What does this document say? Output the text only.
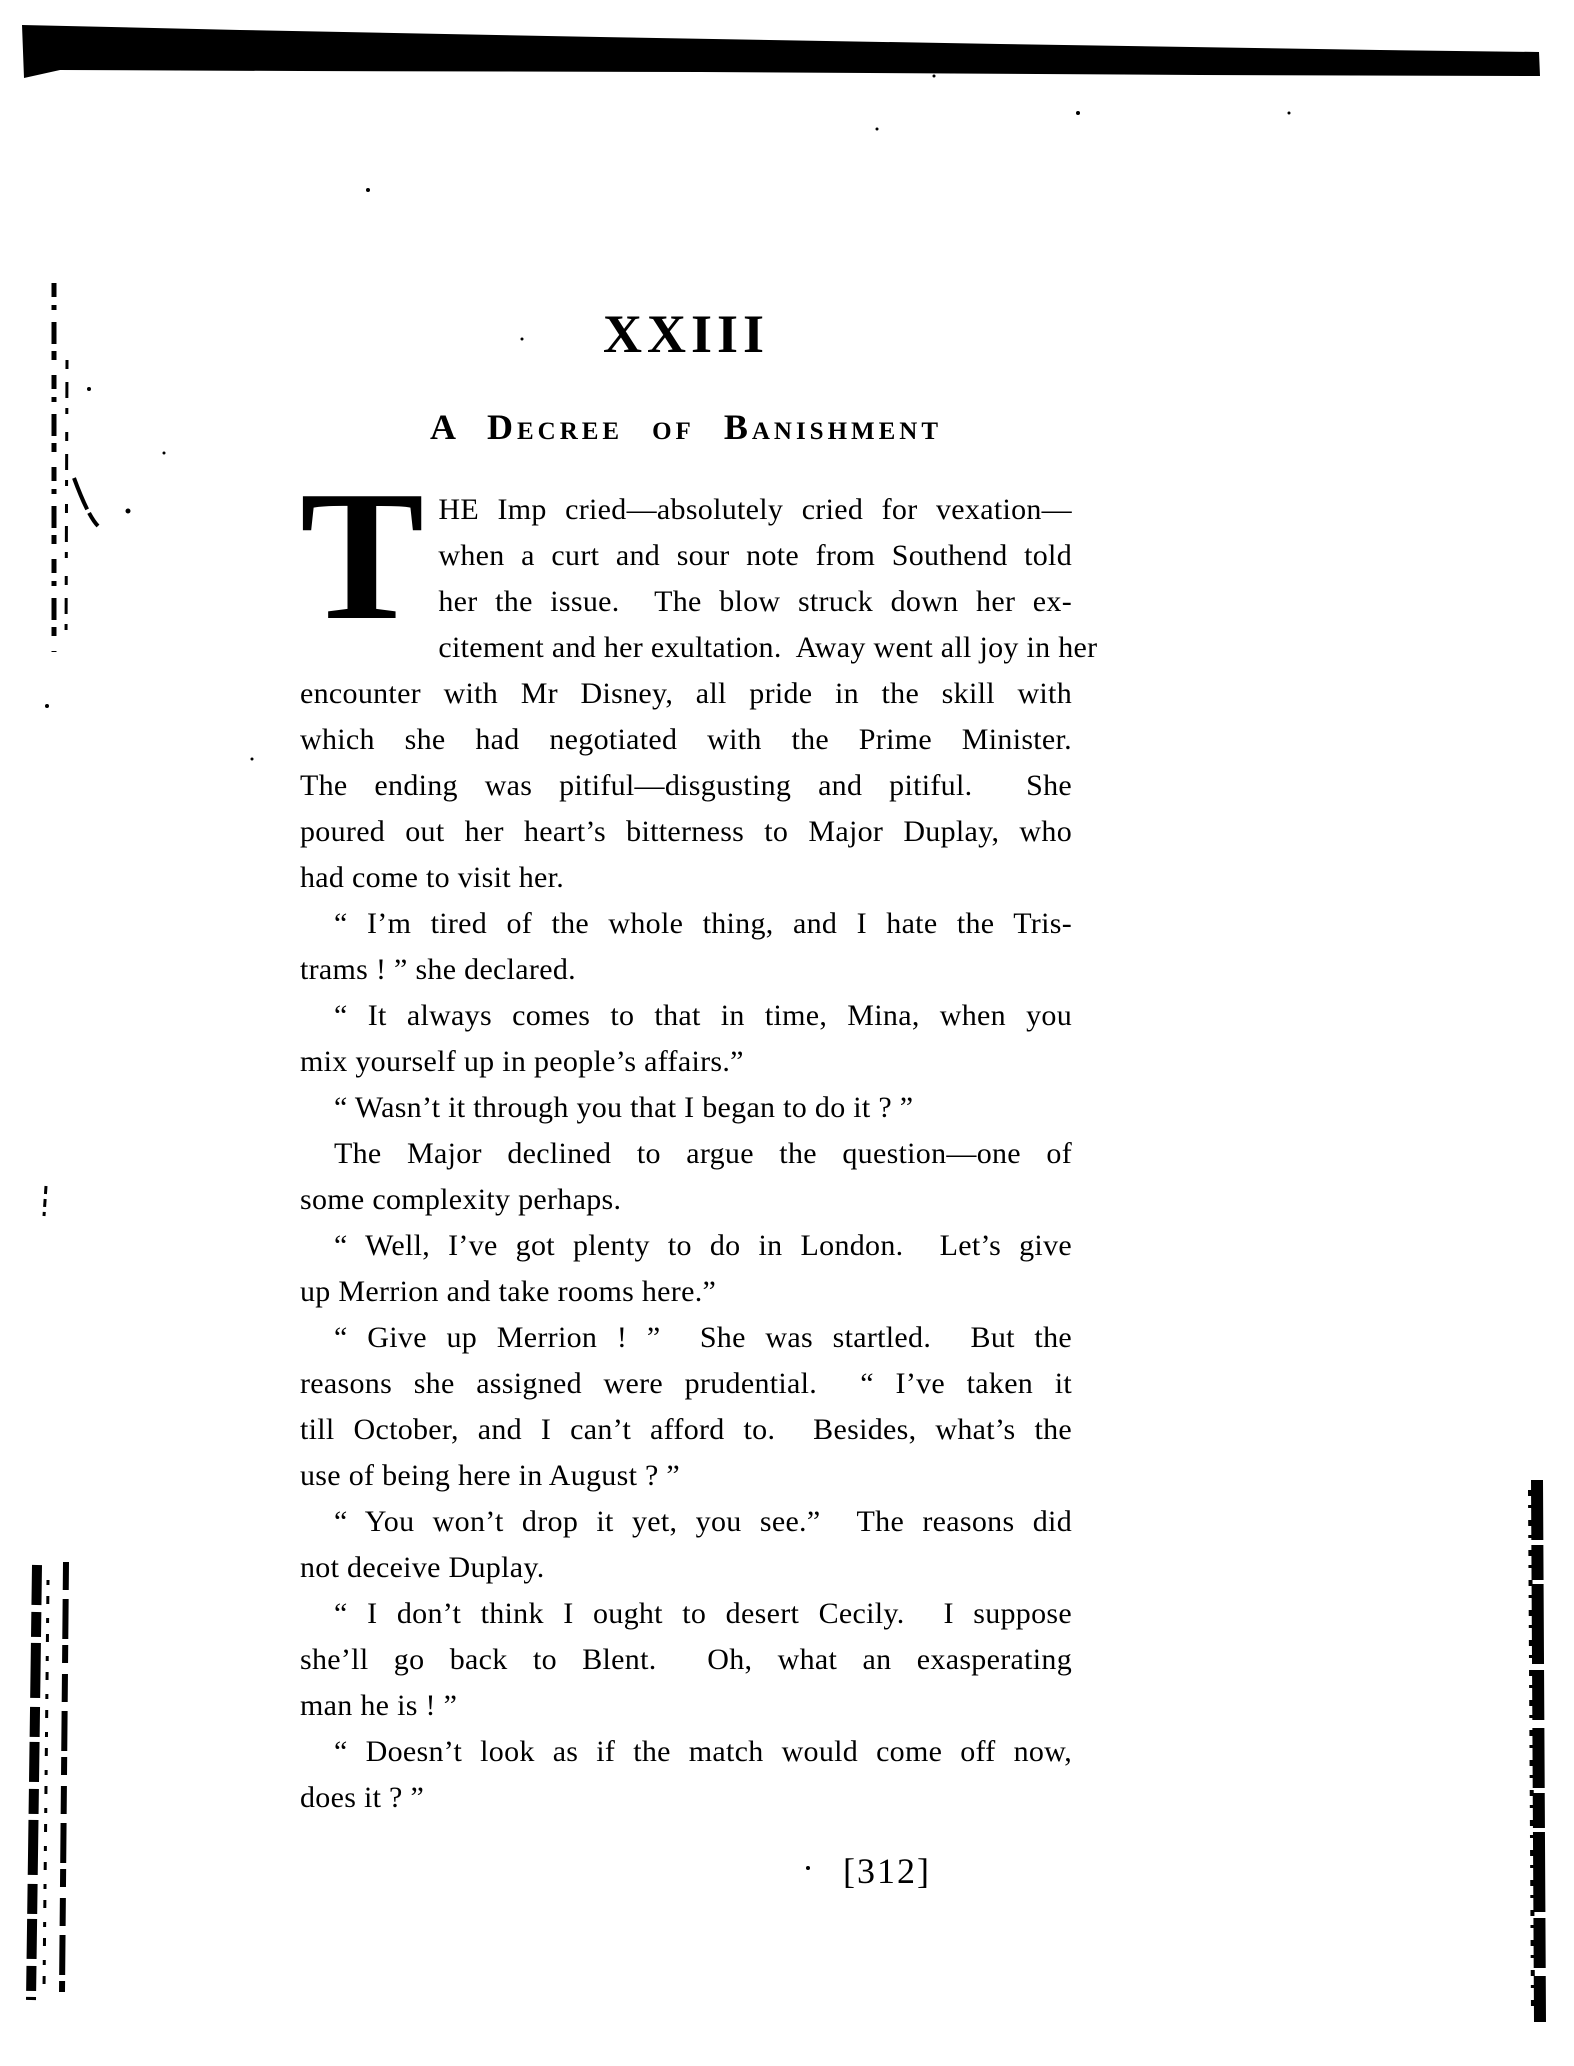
XXIII
A Decree of Banishment
T HE Imp cried—absolutely cried for vexation—
when a curt and sour note from Southend told
her the issue.  The blow struck down her ex-
citement and her exultation.  Away went all joy in her
encounter with Mr Disney, all pride in the skill with
which she had negotiated with the Prime Minister.
The ending was pitiful—disgusting and pitiful.  She
poured out her heart’s bitterness to Major Duplay, who
had come to visit her.
“ I’m tired of the whole thing, and I hate the Tris-
trams ! ” she declared.
“ It always comes to that in time, Mina, when you
mix yourself up in people’s affairs.”
“ Wasn’t it through you that I began to do it ? ”
The Major declined to argue the question—one of
some complexity perhaps.
“ Well, I’ve got plenty to do in London.  Let’s give
up Merrion and take rooms here.”
“ Give up Merrion ! ”  She was startled.  But the
reasons she assigned were prudential.  “ I’ve taken it
till October, and I can’t afford to.  Besides, what’s the
use of being here in August ? ”
“ You won’t drop it yet, you see.”  The reasons did
not deceive Duplay.
“ I don’t think I ought to desert Cecily.  I suppose
she’ll go back to Blent.  Oh, what an exasperating
man he is ! ”
“ Doesn’t look as if the match would come off now,
does it ? ”
[312]
